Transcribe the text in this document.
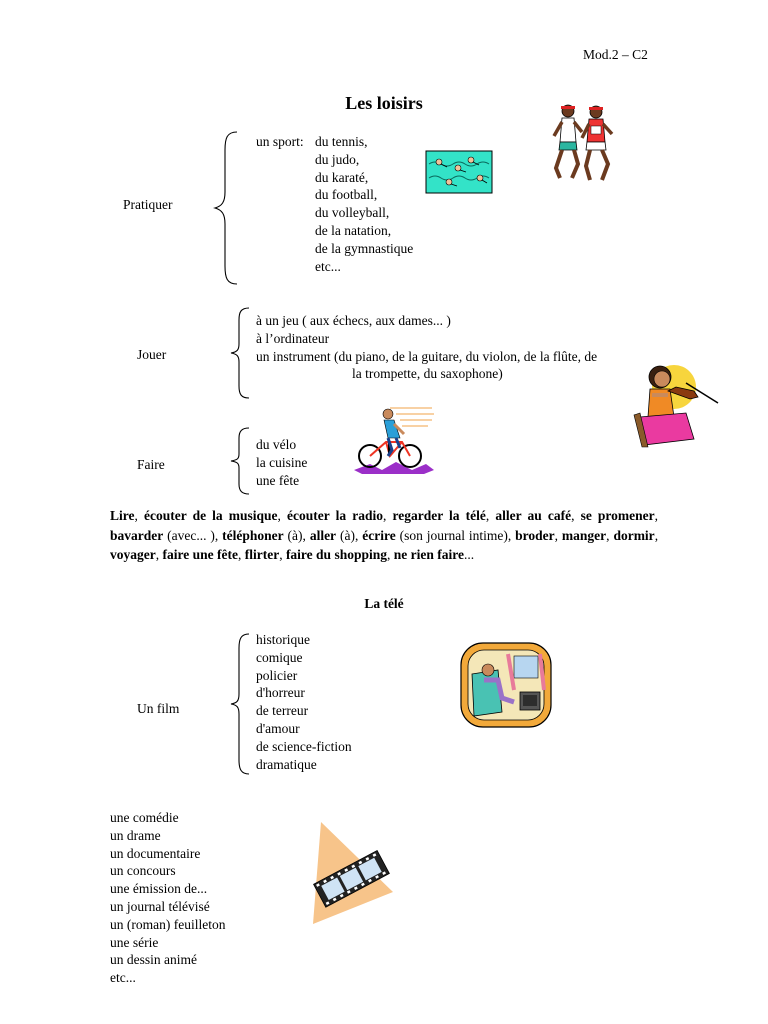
Mod.2 – C2
Les loisirs
Pratiquer
un sport: du tennis,
du judo,
du karaté,
du football,
du volleyball,
de la natation,
de la gymnastique
etc...
Jouer
à un jeu ( aux échecs, aux dames... )
à l’ordinateur
un instrument (du piano, de la guitare, du violon, de la flûte, de
la trompette, du saxophone)
Faire
du vélo
la cuisine
une fête
Lire, écouter de la musique, écouter la radio, regarder la télé, aller au café, se promener, bavarder (avec... ), téléphoner (à), aller (à), écrire (son journal intime), broder, manger, dormir, voyager, faire une fête, flirter, faire du shopping, ne rien faire...
La télé
Un film
historique
comique
policier
d'horreur
de terreur
d'amour
de science-fiction
dramatique
une comédie
un drame
un documentaire
un concours
une émission de...
un journal télévisé
un (roman) feuilleton
une série
un dessin animé
etc...
